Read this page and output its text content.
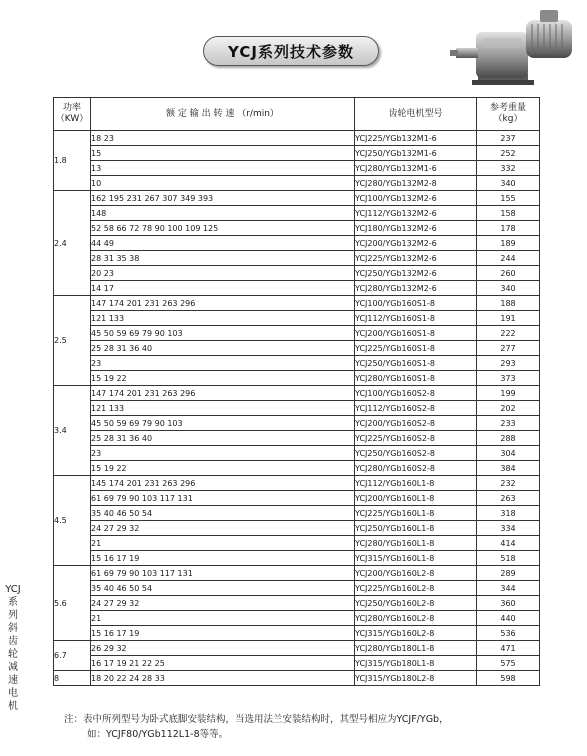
YCJ系列技术参数
功率
（KW）	额 定 输 出 转 速 （r/min）	齿轮电机型号	参考重量
（kg）
1.8	18 23	YCJ225/YGb132M1-6	237
	15	YCJ250/YGb132M1-6	252
	13	YCJ280/YGb132M1-6	332
	10	YCJ280/YGb132M2-8	340
2.4	162 195 231 267 307 349 393	YCJ100/YGb132M2-6	155
	148	YCJ112/YGb132M2-6	158
	52 58 66 72 78 90 100 109 125	YCJ180/YGb132M2-6	178
	44 49	YCJ200/YGb132M2-6	189
	28 31 35 38	YCJ225/YGb132M2-6	244
	20 23	YCJ250/YGb132M2-6	260
	14 17	YCJ280/YGb132M2-6	340
2.5	147 174 201 231 263 296	YCJ100/YGb160S1-8	188
	121 133	YCJ112/YGb160S1-8	191
	45 50 59 69 79 90 103	YCJ200/YGb160S1-8	222
	25 28 31 36 40	YCJ225/YGb160S1-8	277
	23	YCJ250/YGb160S1-8	293
	15 19 22	YCJ280/YGb160S1-8	373
3.4	147 174 201 231 263 296	YCJ100/YGb160S2-8	199
	121 133	YCJ112/YGb160S2-8	202
	45 50 59 69 79 90 103	YCJ200/YGb160S2-8	233
	25 28 31 36 40	YCJ225/YGb160S2-8	288
	23	YCJ250/YGb160S2-8	304
	15 19 22	YCJ280/YGb160S2-8	384
4.5	145 174 201 231 263 296	YCJ112/YGb160L1-8	232
	61 69 79 90 103 117 131	YCJ200/YGb160L1-8	263
	35 40 46 50 54	YCJ225/YGb160L1-8	318
	24 27 29 32	YCJ250/YGb160L1-8	334
	21	YCJ280/YGb160L1-8	414
	15 16 17 19	YCJ315/YGb160L1-8	518
5.6	61 69 79 90 103 117 131	YCJ200/YGb160L2-8	289
	35 40 46 50 54	YCJ225/YGb160L2-8	344
	24 27 29 32	YCJ250/YGb160L2-8	360
	21	YCJ280/YGb160L2-8	440
	15 16 17 19	YCJ315/YGb160L2-8	536
6.7	26 29 32	YCJ280/YGb180L1-8	471
	16 17 19 21 22 25	YCJ315/YGb180L1-8	575
8	18 20 22 24 28 33	YCJ315/YGb180L2-8	598
YCJ
系
列
斜
齿
轮
减
速
电
机
注：表中所列型号为卧式底脚安装结构，当选用法兰安装结构时，其型号相应为YCJF/YGb，
如：YCJF80/YGb112L1-8等等。
